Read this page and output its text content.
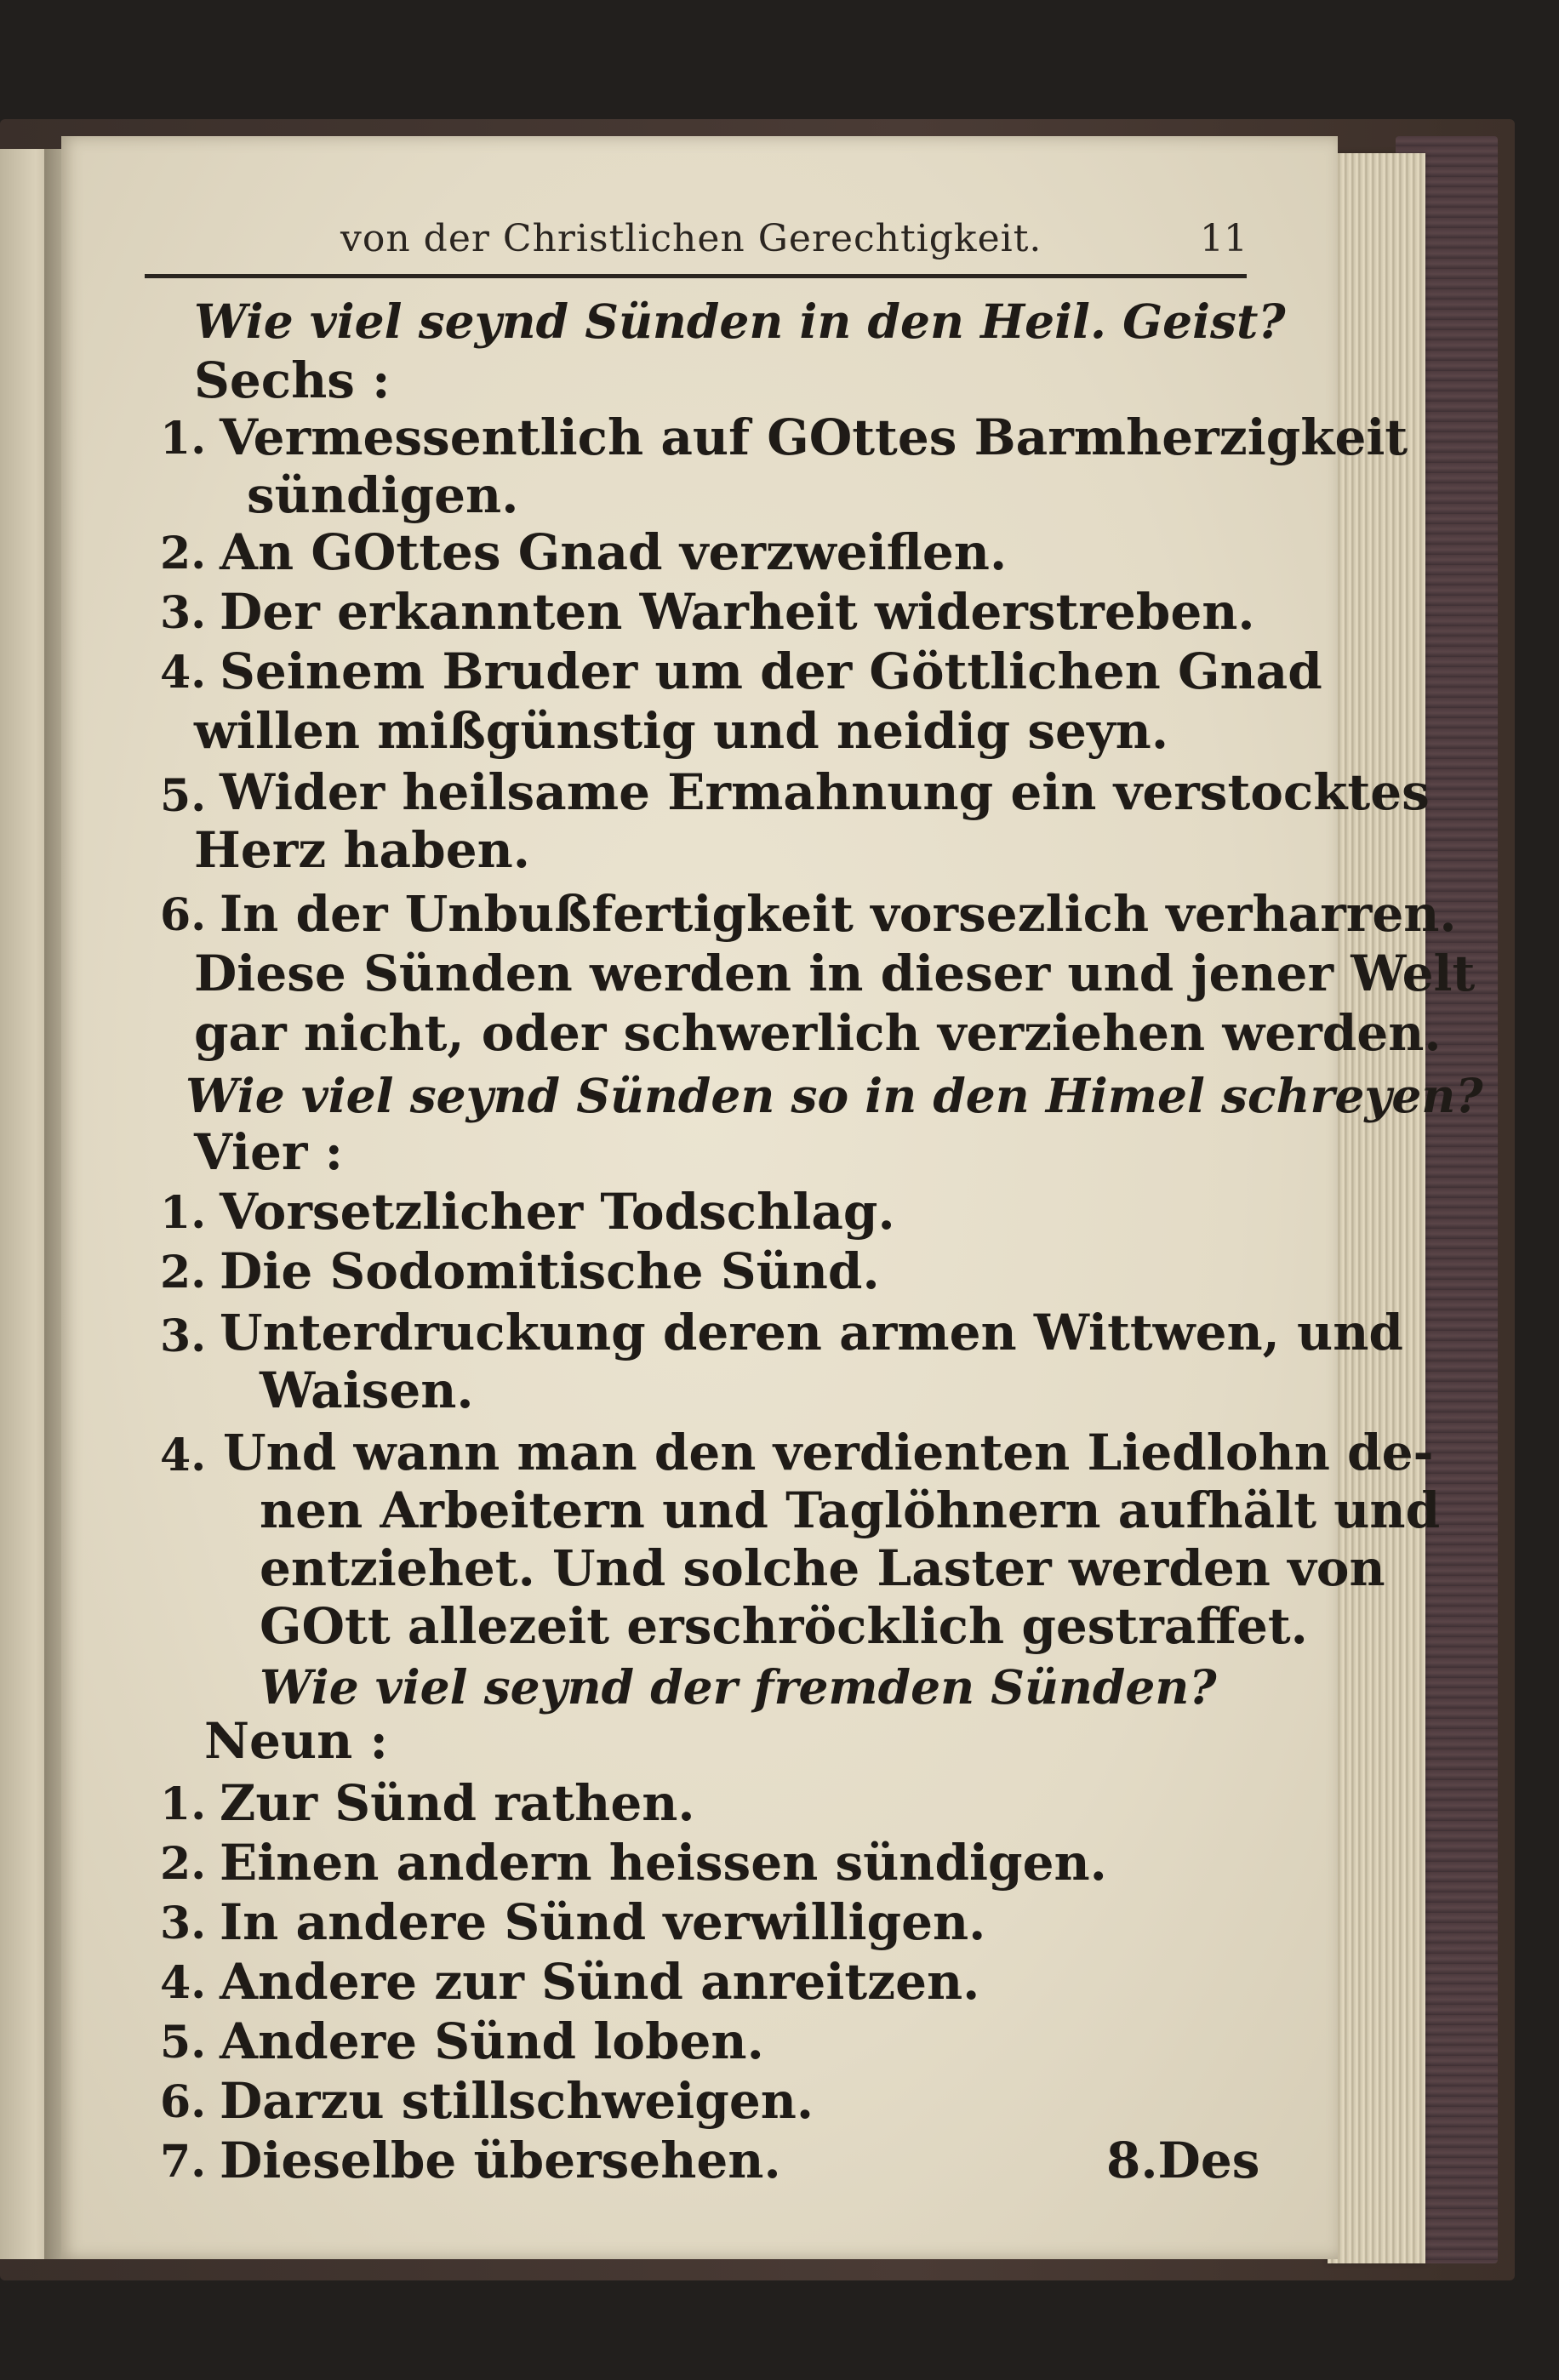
von der Christlichen Gerechtigkeit.	11
Wie viel seynd Sünden in den Heil. Geist?
Sechs :
1. Vermessentlich auf GOttes Barmherzigkeit
sündigen.
2. An GOttes Gnad verzweiflen.
3. Der erkannten Warheit widerstreben.
4. Seinem Bruder um der Göttlichen Gnad
willen mißgünstig und neidig seyn.
5. Wider heilsame Ermahnung ein verstocktes
Herz haben.
6. In der Unbußfertigkeit vorsezlich verharren.
Diese Sünden werden in dieser und jener Welt
gar nicht, oder schwerlich verziehen werden.
Wie viel seynd Sünden so in den Himel schreyen?
Vier :
1. Vorsetzlicher Todschlag.
2. Die Sodomitische Sünd.
3. Unterdruckung deren armen Wittwen, und
Waisen.
4. Und wann man den verdienten Liedlohn de-
nen Arbeitern und Taglöhnern aufhält und
entziehet. Und solche Laster werden von
GOtt allezeit erschröcklich gestraffet.
Wie viel seynd der fremden Sünden?
Neun :
1. Zur Sünd rathen.
2. Einen andern heissen sündigen.
3. In andere Sünd verwilligen.
4. Andere zur Sünd anreitzen.
5. Andere Sünd loben.
6. Darzu stillschweigen.
7. Dieselbe übersehen.	8.Des
